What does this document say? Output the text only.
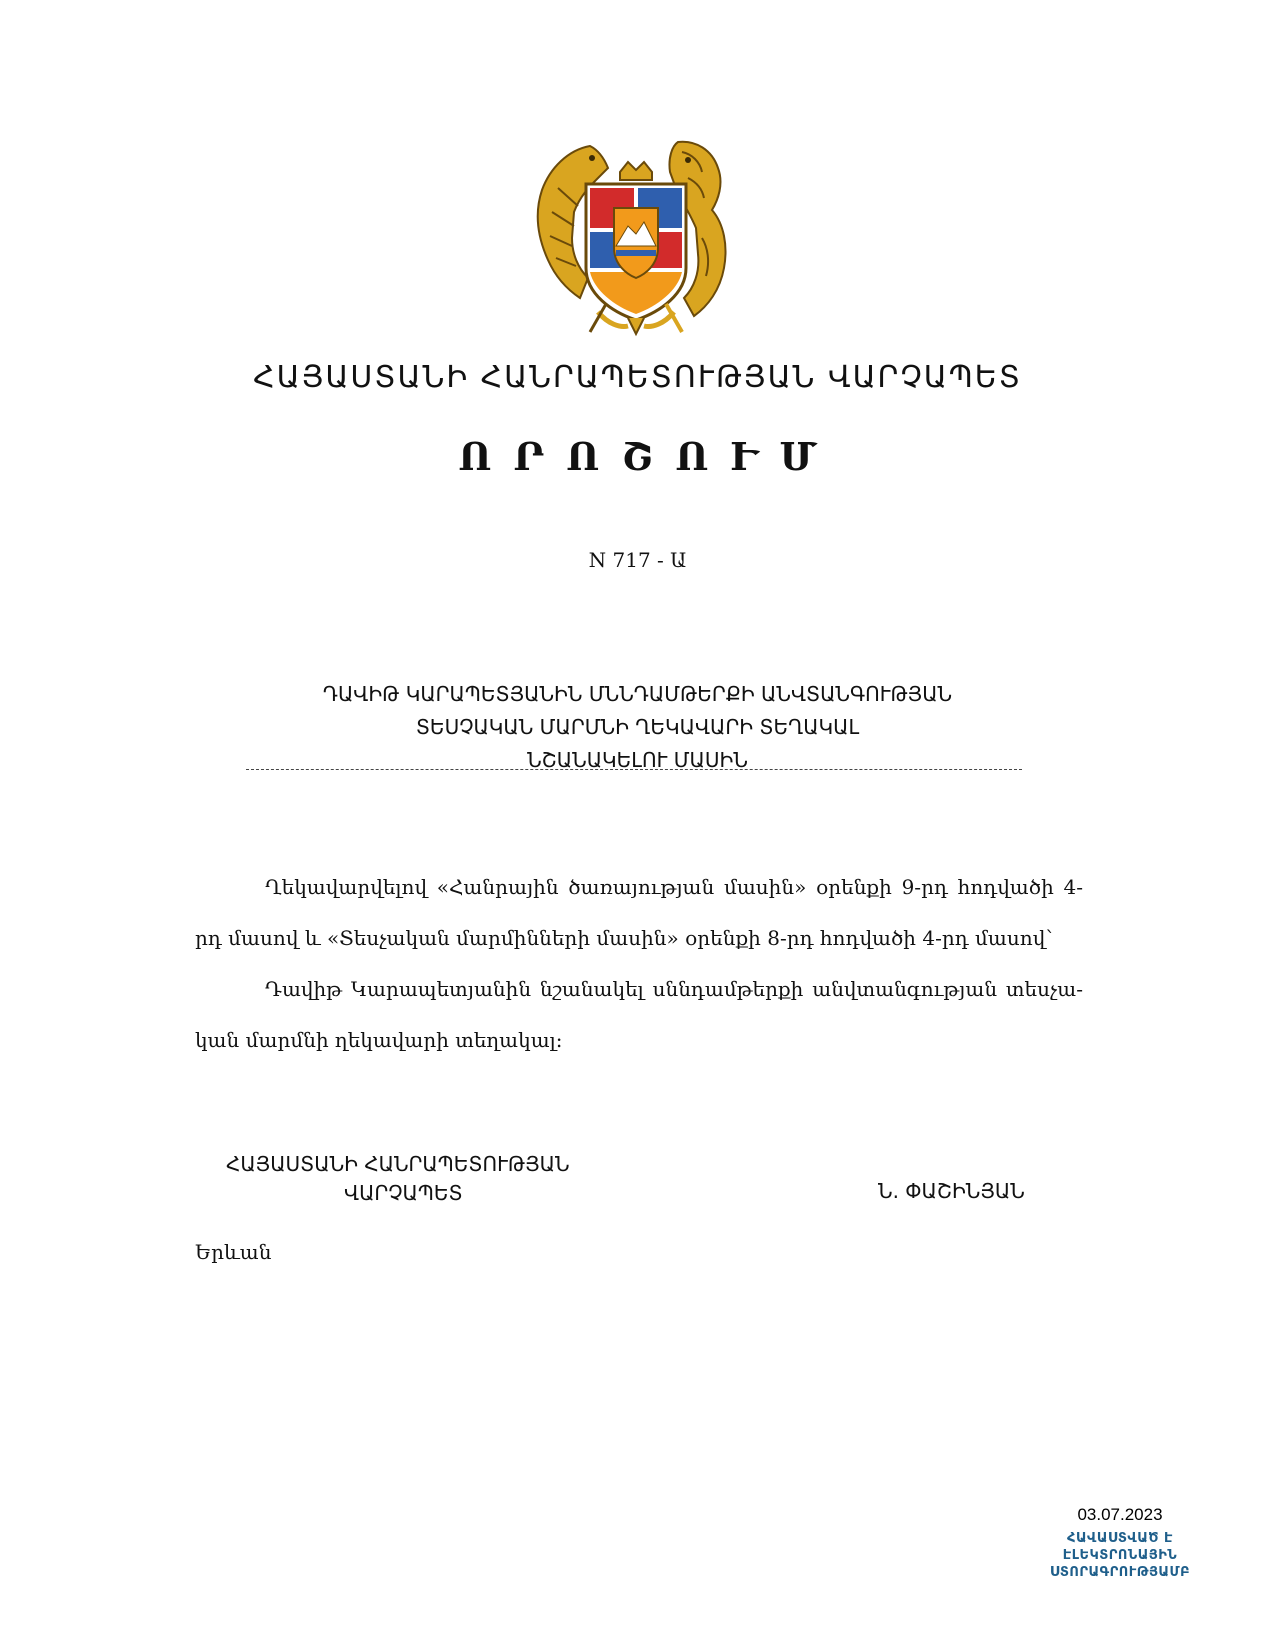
ՀԱՅԱՍՏԱՆԻ ՀԱՆՐԱՊԵՏՈՒԹՅԱՆ ՎԱՐՉԱՊԵՏ
ՈՐՈՇՈՒՄ
N 717 - Ա
ԴԱՎԻԹ ԿԱՐԱՊԵՏՅԱՆԻՆ ՄՆՆԴԱՄԹԵՐՔԻ ԱՆՎՏԱՆԳՈՒԹՅԱՆ
ՏԵՍՉԱԿԱՆ ՄԱՐՄՆԻ ՂԵԿԱՎԱՐԻ ՏԵՂԱԿԱԼ
ՆՇԱՆԱԿԵԼՈՒ ՄԱՍԻՆ
Ղեկավարվելով «Հանրային ծառայության մասին» օրենքի 9-րդ հոդվածի 4-րդ մասով և «Տեսչական մարմինների մասին» օրենքի 8-րդ հոդվածի 4-րդ մասով՝
Դավիթ Կարապետյանին նշանակել սննդամթերքի անվտանգության տեսչա-կան մարմնի ղեկավարի տեղակալ։
ՀԱՅԱՍՏԱՆԻ ՀԱՆՐԱՊԵՏՈՒԹՅԱՆ
ՎԱՐՉԱՊԵՏ	Ն. ՓԱՇԻՆՅԱՆ
Երևան
03.07.2023
ՀԱՎԱՍՏՎԱԾ Է
ԷԼԵԿՏՐՈՆԱՅԻՆ
ՍՏՈՐԱԳՐՈՒԹՅԱՄԲ
